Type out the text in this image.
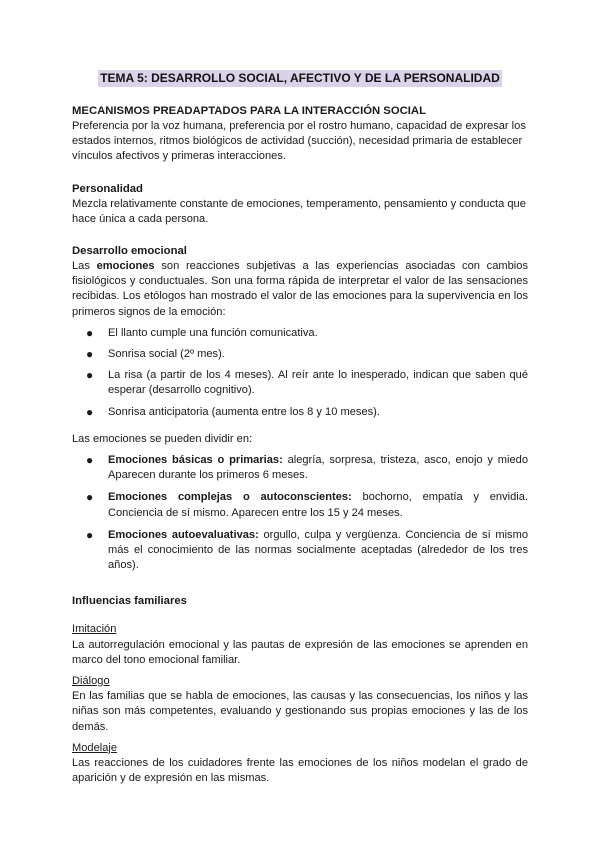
TEMA 5: DESARROLLO SOCIAL, AFECTIVO Y DE LA PERSONALIDAD
MECANISMOS PREADAPTADOS PARA LA INTERACCIÓN SOCIAL

Preferencia por la voz humana, preferencia por el rostro humano, capacidad de expresar los estados internos, ritmos biológicos de actividad (succión), necesidad primaria de establecer vínculos afectivos y primeras interacciones.

Personalidad

Mezcla relativamente constante de emociones, temperamento, pensamiento y conducta que hace única a cada persona.

Desarrollo emocional

Las emociones son reacciones subjetivas a las experiencias asociadas con cambios fisiológicos y conductuales. Son una forma rápida de interpretar el valor de las sensaciones recibidas. Los etólogos han mostrado el valor de las emociones para la supervivencia en los primeros signos de la emoción:

● El llanto cumple una función comunicativa.
● Sonrisa social (2º mes).
● La risa (a partir de los 4 meses). Al reír ante lo inesperado, indican que saben qué esperar (desarrollo cognitivo).
● Sonrisa anticipatoria (aumenta entre los 8 y 10 meses).

Las emociones se pueden dividir en:

● Emociones básicas o primarias: alegría, sorpresa, tristeza, asco, enojo y miedo Aparecen durante los primeros 6 meses.
● Emociones complejas o autoconscientes: bochorno, empatía y envidia. Conciencia de sí mismo. Aparecen entre los 15 y 24 meses.
● Emociones autoevaluativas: orgullo, culpa y vergüenza. Conciencia de sí mismo más el conocimiento de las normas socialmente aceptadas (alrededor de los tres años).
Influencias familiares

Imitación

La autorregulación emocional y las pautas de expresión de las emociones se aprenden en marco del tono emocional familiar.

Diálogo

En las familias que se habla de emociones, las causas y las consecuencias, los niños y las niñas son más competentes, evaluando y gestionando sus propias emociones y las de los demás.

Modelaje

Las reacciones de los cuidadores frente las emociones de los niños modelan el grado de aparición y de expresión en las mismas.
